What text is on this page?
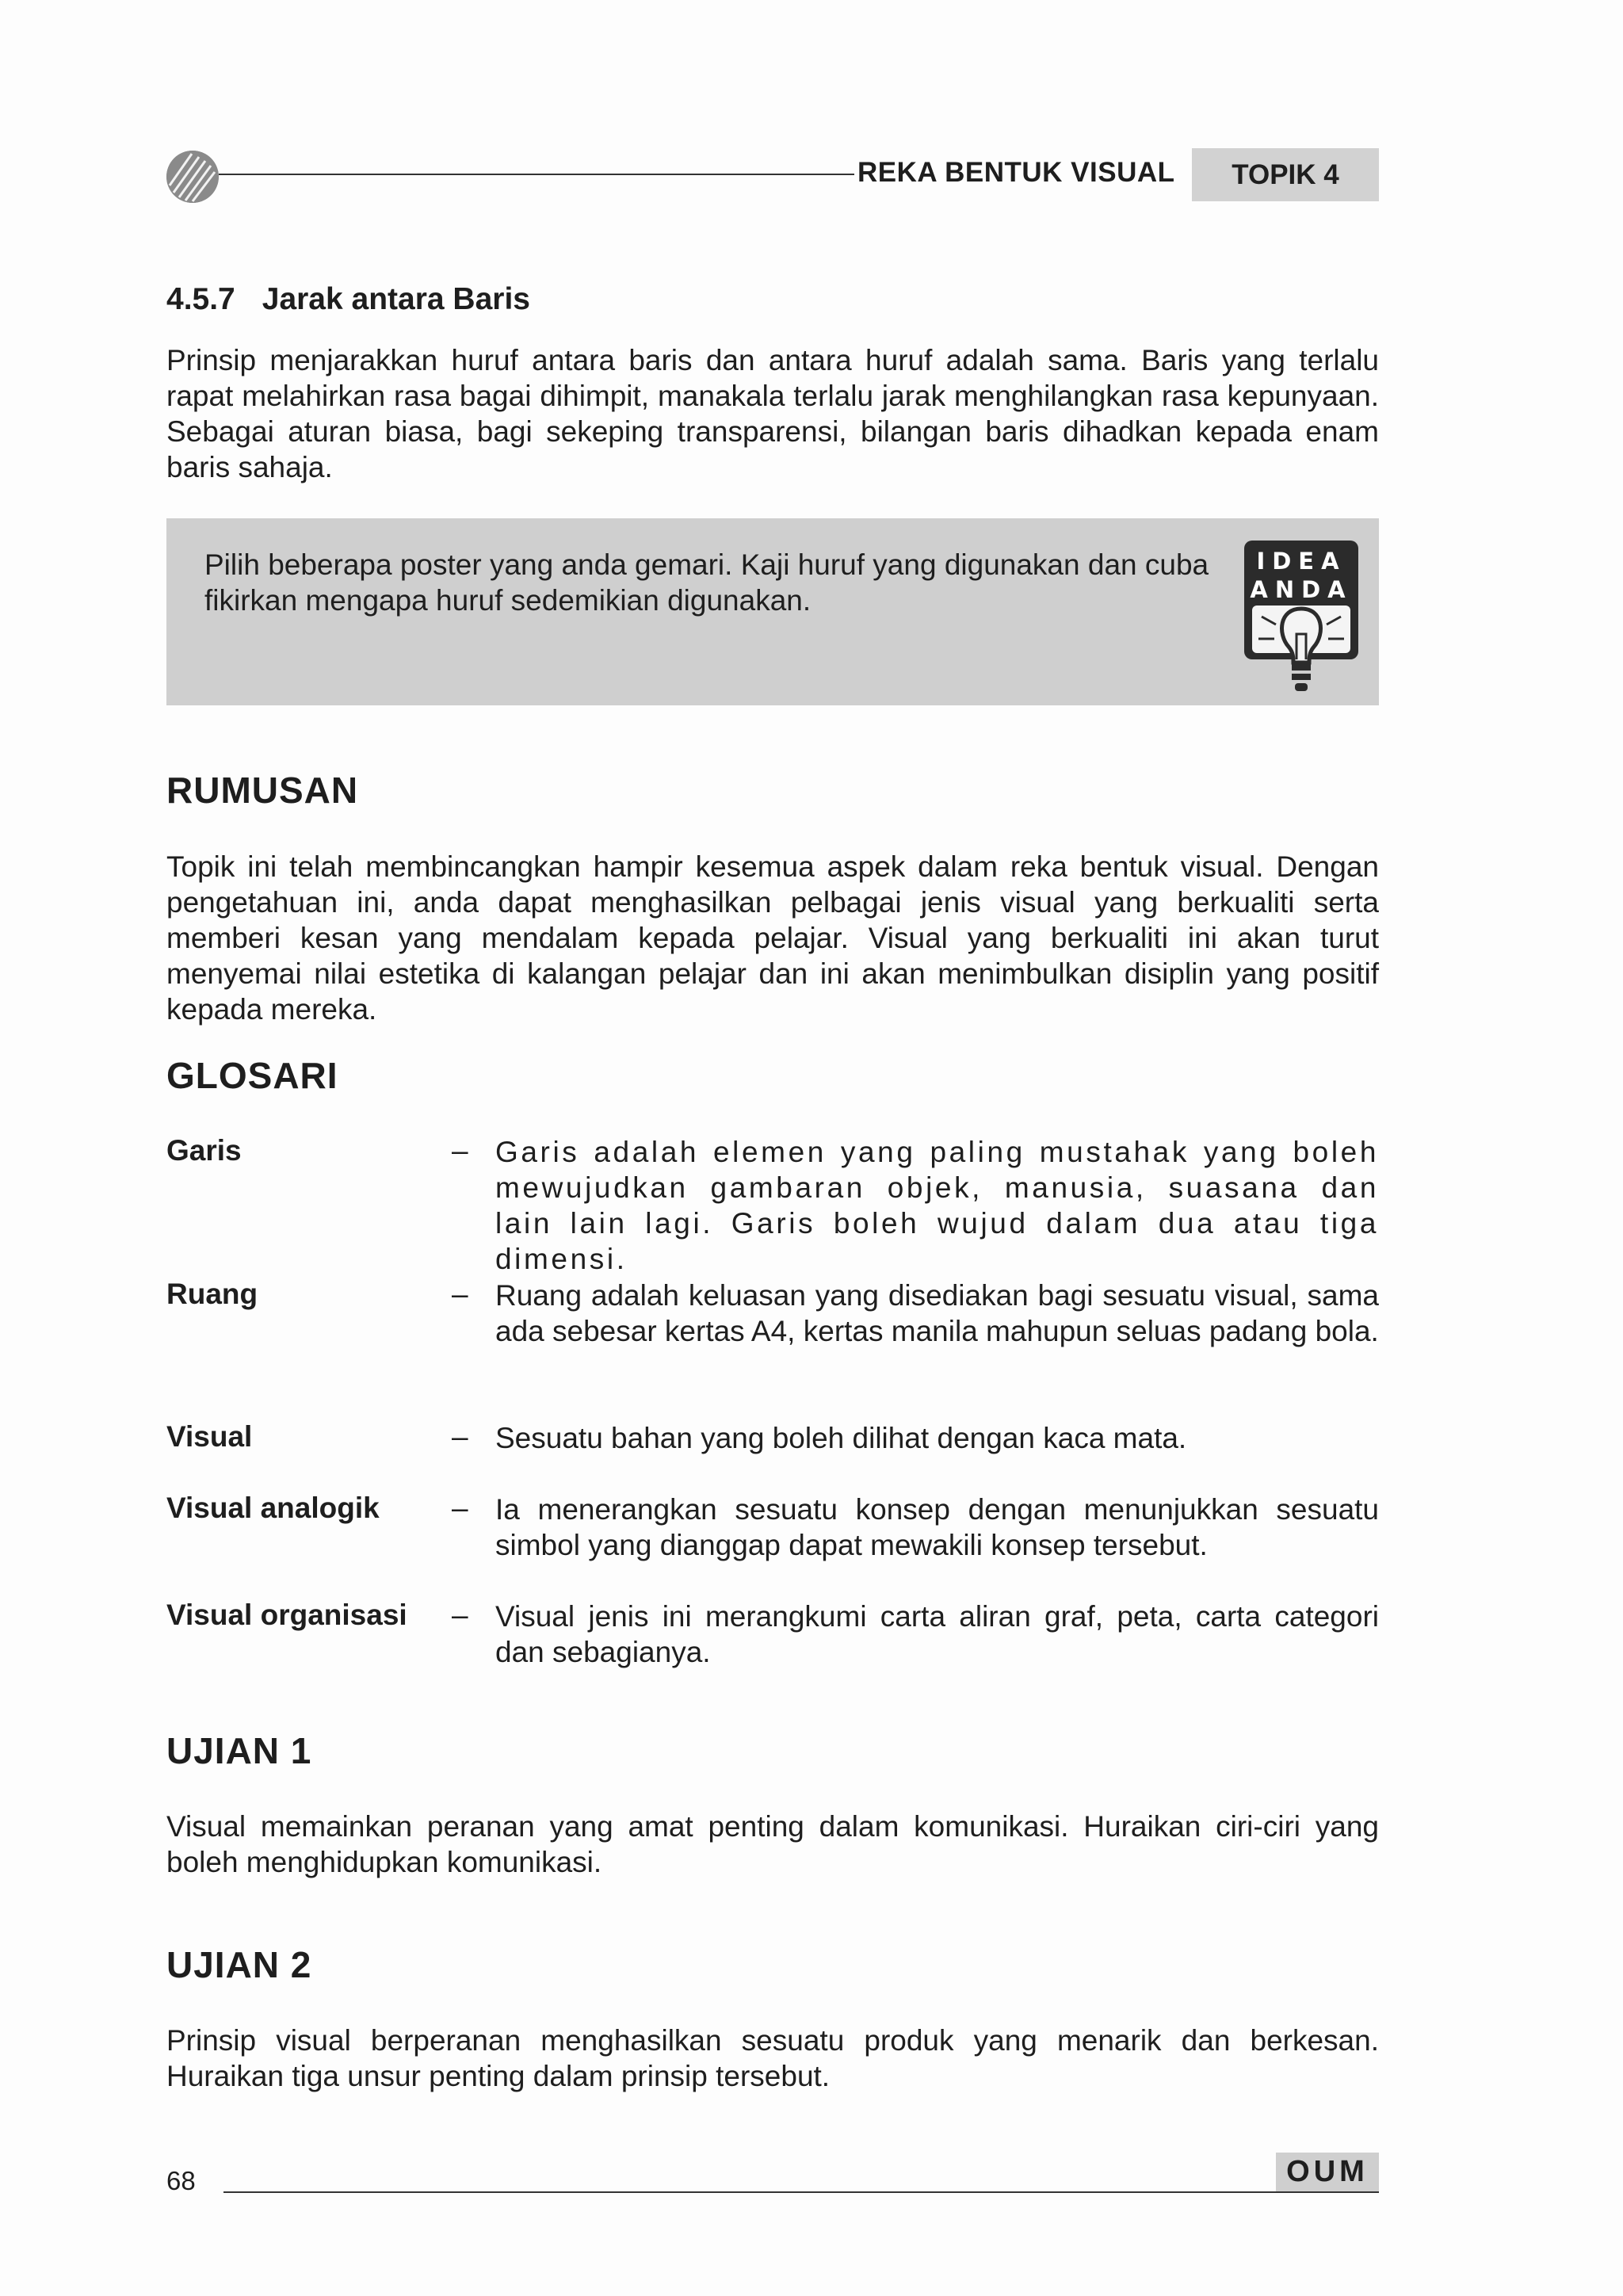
REKA BENTUK VISUAL	TOPIK 4
4.5.7 Jarak antara Baris
Prinsip menjarakkan huruf antara baris dan antara huruf adalah sama. Baris yang terlalu rapat melahirkan rasa bagai dihimpit, manakala terlalu jarak menghilangkan rasa kepunyaan. Sebagai aturan biasa, bagi sekeping transparensi, bilangan baris dihadkan kepada enam baris sahaja.
Pilih beberapa poster yang anda gemari. Kaji huruf yang digunakan dan cuba fikirkan mengapa huruf sedemikian digunakan.
IDEA
ANDA
RUMUSAN
Topik ini telah membincangkan hampir kesemua aspek dalam reka bentuk visual. Dengan pengetahuan ini, anda dapat menghasilkan pelbagai jenis visual yang berkualiti serta memberi kesan yang mendalam kepada pelajar. Visual yang berkualiti ini akan turut menyemai nilai estetika di kalangan pelajar dan ini akan menimbulkan disiplin yang positif kepada mereka.
GLOSARI
Garis	– Garis adalah elemen yang paling mustahak yang boleh mewujudkan gambaran objek, manusia, suasana dan lain lain lagi. Garis boleh wujud dalam dua atau tiga dimensi.
Ruang	– Ruang adalah keluasan yang disediakan bagi sesuatu visual, sama ada sebesar kertas A4, kertas manila mahupun seluas padang bola.
Visual	– Sesuatu bahan yang boleh dilihat dengan kaca mata.
Visual analogik	– Ia menerangkan sesuatu konsep dengan menunjukkan sesuatu simbol yang dianggap dapat mewakili konsep tersebut.
Visual organisasi	– Visual jenis ini merangkumi carta aliran graf, peta, carta categori dan sebagianya.
UJIAN 1
Visual memainkan peranan yang amat penting dalam komunikasi. Huraikan ciri-ciri yang boleh menghidupkan komunikasi.
UJIAN 2
Prinsip visual berperanan menghasilkan sesuatu produk yang menarik dan berkesan. Huraikan tiga unsur penting dalam prinsip tersebut.
68	OUM
